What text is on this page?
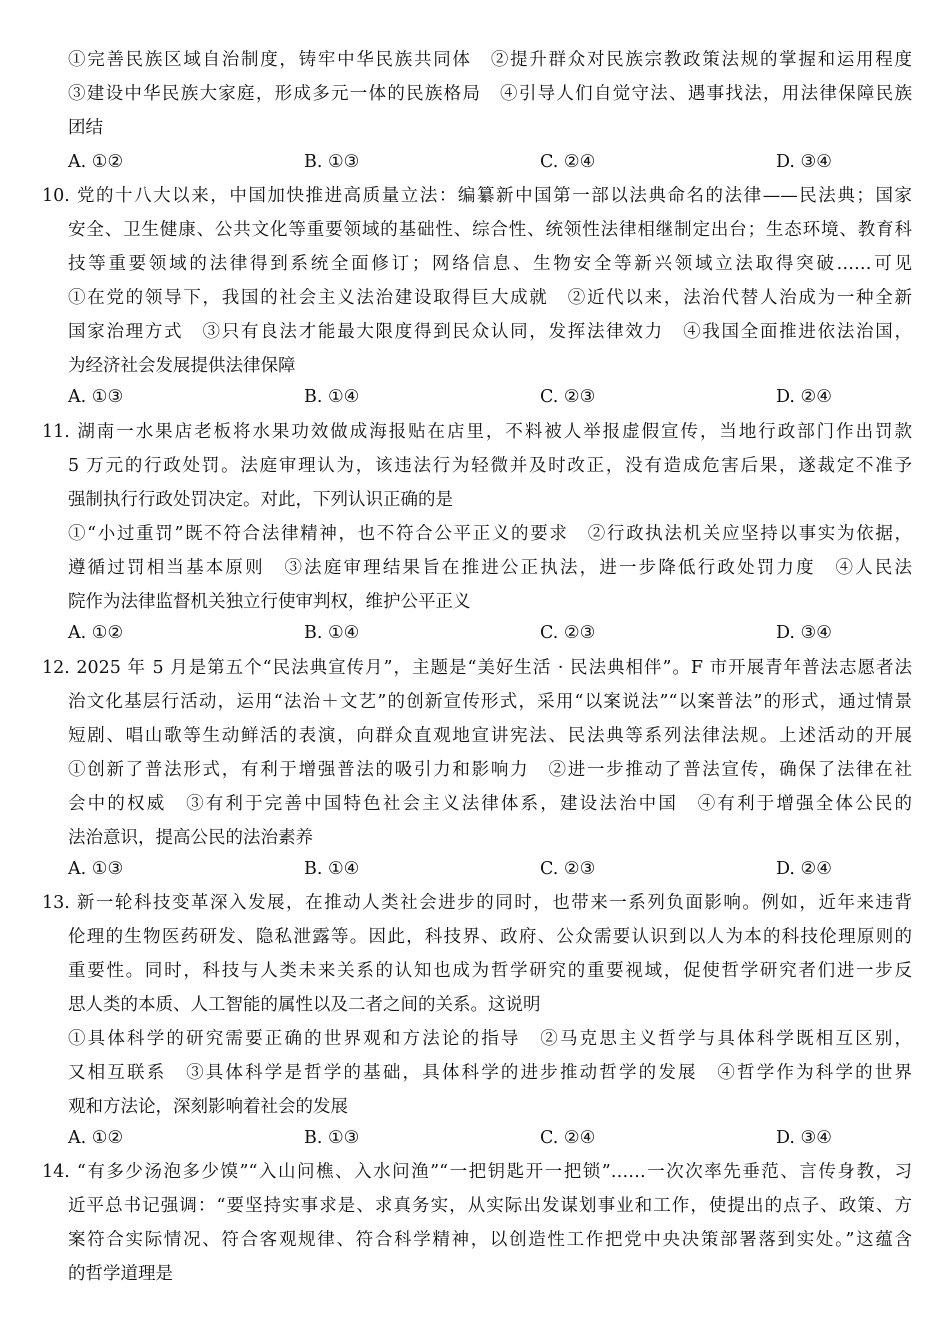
①完善民族区域自治制度，铸牢中华民族共同体　②提升群众对民族宗教政策法规的掌握和运用程度
③建设中华民族大家庭，形成多元一体的民族格局　④引导人们自觉守法、遇事找法，用法律保障民族
团结
A. ①②	B. ①③	C. ②④	D. ③④
10. 党的十八大以来，中国加快推进高质量立法：编纂新中国第一部以法典命名的法律——民法典；国家
安全、卫生健康、公共文化等重要领域的基础性、综合性、统领性法律相继制定出台；生态环境、教育科
技等重要领域的法律得到系统全面修订；网络信息、生物安全等新兴领域立法取得突破……可见
①在党的领导下，我国的社会主义法治建设取得巨大成就　②近代以来，法治代替人治成为一种全新
国家治理方式　③只有良法才能最大限度得到民众认同，发挥法律效力　④我国全面推进依法治国，
为经济社会发展提供法律保障
A. ①③	B. ①④	C. ②③	D. ②④
11. 湖南一水果店老板将水果功效做成海报贴在店里，不料被人举报虚假宣传，当地行政部门作出罚款
5 万元的行政处罚。法庭审理认为，该违法行为轻微并及时改正，没有造成危害后果，遂裁定不准予
强制执行行政处罚决定。对此，下列认识正确的是
①“小过重罚”既不符合法律精神，也不符合公平正义的要求　②行政执法机关应坚持以事实为依据，
遵循过罚相当基本原则　③法庭审理结果旨在推进公正执法，进一步降低行政处罚力度　④人民法
院作为法律监督机关独立行使审判权，维护公平正义
A. ①②	B. ①④	C. ②③	D. ③④
12. 2025 年 5 月是第五个“民法典宣传月”，主题是“美好生活 · 民法典相伴”。F 市开展青年普法志愿者法
治文化基层行活动，运用“法治＋文艺”的创新宣传形式，采用“以案说法”“以案普法”的形式，通过情景
短剧、唱山歌等生动鲜活的表演，向群众直观地宣讲宪法、民法典等系列法律法规。上述活动的开展
①创新了普法形式，有利于增强普法的吸引力和影响力　②进一步推动了普法宣传，确保了法律在社
会中的权威　③有利于完善中国特色社会主义法律体系，建设法治中国　④有利于增强全体公民的
法治意识，提高公民的法治素养
A. ①③	B. ①④	C. ②③	D. ②④
13. 新一轮科技变革深入发展，在推动人类社会进步的同时，也带来一系列负面影响。例如，近年来违背
伦理的生物医药研发、隐私泄露等。因此，科技界、政府、公众需要认识到以人为本的科技伦理原则的
重要性。同时，科技与人类未来关系的认知也成为哲学研究的重要视域，促使哲学研究者们进一步反
思人类的本质、人工智能的属性以及二者之间的关系。这说明
①具体科学的研究需要正确的世界观和方法论的指导　②马克思主义哲学与具体科学既相互区别，
又相互联系　③具体科学是哲学的基础，具体科学的进步推动哲学的发展　④哲学作为科学的世界
观和方法论，深刻影响着社会的发展
A. ①②	B. ①③	C. ②④	D. ③④
14. “有多少汤泡多少馍”“入山问樵、入水问渔”“一把钥匙开一把锁”……一次次率先垂范、言传身教，习
近平总书记强调：“要坚持实事求是、求真务实，从实际出发谋划事业和工作，使提出的点子、政策、方
案符合实际情况、符合客观规律、符合科学精神，以创造性工作把党中央决策部署落到实处。”这蕴含
的哲学道理是
